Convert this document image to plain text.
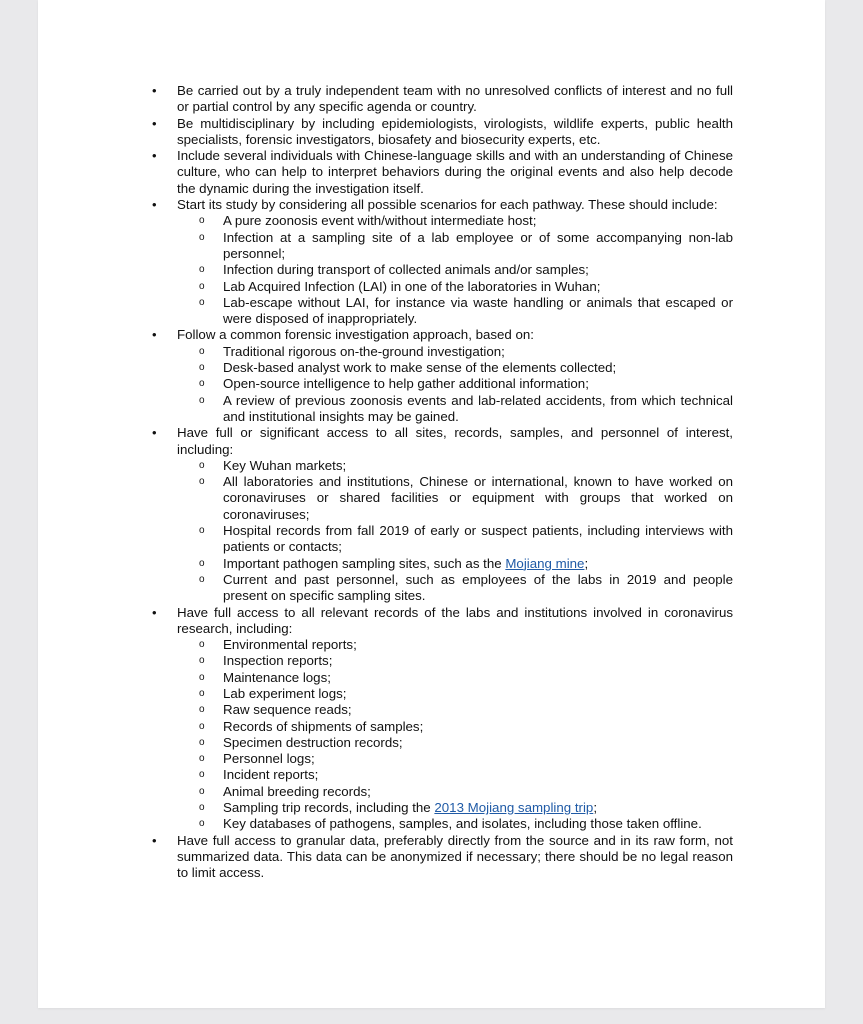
• Be carried out by a truly independent team with no unresolved conflicts of interest and no full or partial control by any specific agenda or country.
• Be multidisciplinary by including epidemiologists, virologists, wildlife experts, public health specialists, forensic investigators, biosafety and biosecurity experts, etc.
• Include several individuals with Chinese-language skills and with an understanding of Chinese culture, who can help to interpret behaviors during the original events and also help decode the dynamic during the investigation itself.
• Start its study by considering all possible scenarios for each pathway. These should include:
o A pure zoonosis event with/without intermediate host;
o Infection at a sampling site of a lab employee or of some accompanying non-lab personnel;
o Infection during transport of collected animals and/or samples;
o Lab Acquired Infection (LAI) in one of the laboratories in Wuhan;
o Lab-escape without LAI, for instance via waste handling or animals that escaped or were disposed of inappropriately.
• Follow a common forensic investigation approach, based on:
o Traditional rigorous on-the-ground investigation;
o Desk-based analyst work to make sense of the elements collected;
o Open-source intelligence to help gather additional information;
o A review of previous zoonosis events and lab-related accidents, from which technical and institutional insights may be gained.
• Have full or significant access to all sites, records, samples, and personnel of interest, including:
o Key Wuhan markets;
o All laboratories and institutions, Chinese or international, known to have worked on coronaviruses or shared facilities or equipment with groups that worked on coronaviruses;
o Hospital records from fall 2019 of early or suspect patients, including interviews with patients or contacts;
o Important pathogen sampling sites, such as the Mojiang mine;
o Current and past personnel, such as employees of the labs in 2019 and people present on specific sampling sites.
• Have full access to all relevant records of the labs and institutions involved in coronavirus research, including:
o Environmental reports;
o Inspection reports;
o Maintenance logs;
o Lab experiment logs;
o Raw sequence reads;
o Records of shipments of samples;
o Specimen destruction records;
o Personnel logs;
o Incident reports;
o Animal breeding records;
o Sampling trip records, including the 2013 Mojiang sampling trip;
o Key databases of pathogens, samples, and isolates, including those taken offline.
• Have full access to granular data, preferably directly from the source and in its raw form, not summarized data. This data can be anonymized if necessary; there should be no legal reason to limit access.
